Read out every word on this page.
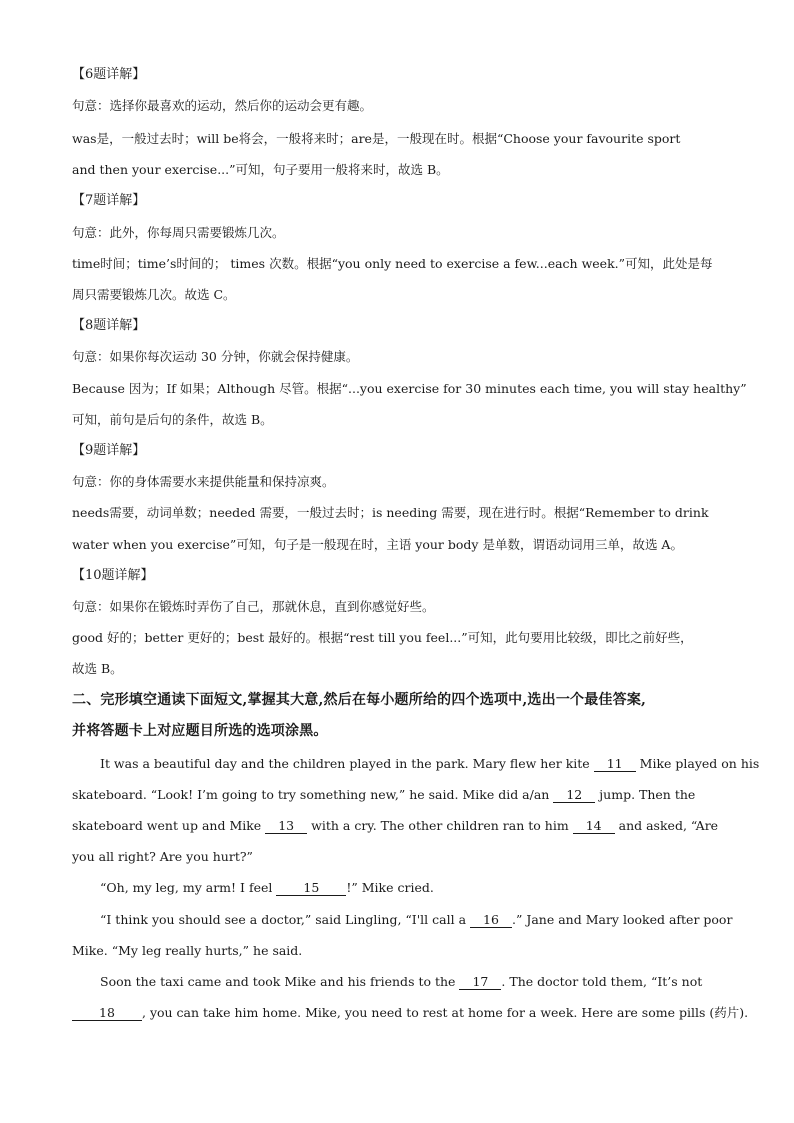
【6题详解】
句意：选择你最喜欢的运动，然后你的运动会更有趣。
was是，一般过去时；will be将会，一般将来时；are是，一般现在时。根据“Choose your favourite sport
and then your exercise...”可知，句子要用一般将来时，故选 B。
【7题详解】
句意：此外，你每周只需要锻炼几次。
time时间；time’s时间的； times 次数。根据“you only need to exercise a few...each week.”可知，此处是每
周只需要锻炼几次。故选 C。
【8题详解】
句意：如果你每次运动 30 分钟，你就会保持健康。
Because 因为；If 如果；Although 尽管。根据“...you exercise for 30 minutes each time, you will stay healthy”
可知，前句是后句的条件，故选 B。
【9题详解】
句意：你的身体需要水来提供能量和保持凉爽。
needs需要，动词单数；needed 需要，一般过去时；is needing 需要，现在进行时。根据“Remember to drink
water when you exercise”可知，句子是一般现在时，主语 your body 是单数，谓语动词用三单，故选 A。
【10题详解】
句意：如果你在锻炼时弄伤了自己，那就休息，直到你感觉好些。
good 好的；better 更好的；best 最好的。根据“rest till you feel...”可知，此句要用比较级，即比之前好些，
故选 B。
二、完形填空通读下面短文,掌握其大意,然后在每小题所给的四个选项中,选出一个最佳答案,
并将答题卡上对应题目所选的选项涂黑。
It was a beautiful day and the children played in the park. Mary flew her kite 11 Mike played on his
skateboard. “Look! I’m going to try something new,” he said. Mike did a/an 12 jump. Then the
skateboard went up and Mike 13 with a cry. The other children ran to him 14 and asked, “Are
you all right? Are you hurt?”
“Oh, my leg, my arm! I feel 15 !” Mike cried.
“I think you should see a doctor,” said Lingling, “I'll call a 16 .” Jane and Mary looked after poor
Mike. “My leg really hurts,” he said.
Soon the taxi came and took Mike and his friends to the 17 . The doctor told them, “It’s not
18 , you can take him home. Mike, you need to rest at home for a week. Here are some pills (药片).
